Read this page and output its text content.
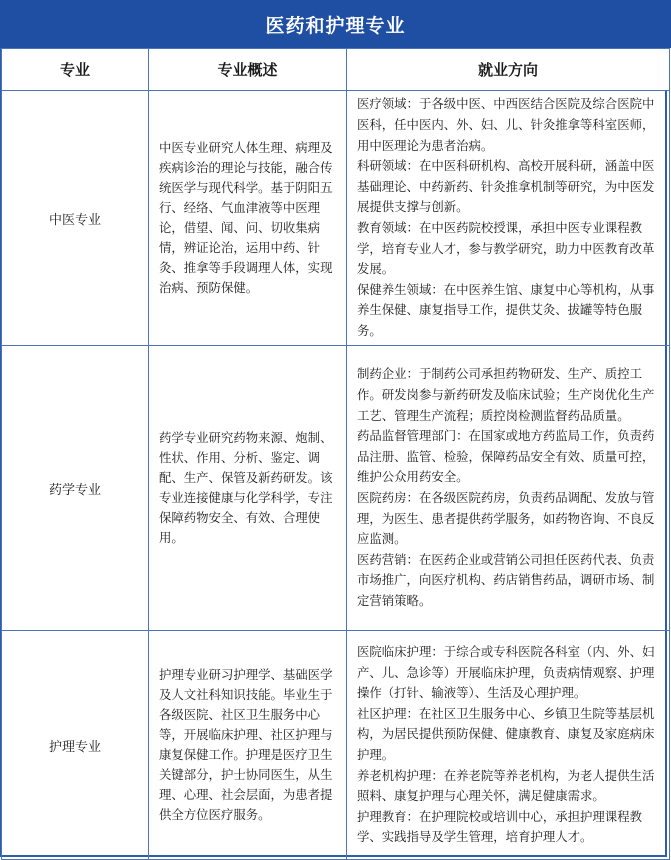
医药和护理专业
专业	专业概述	就业方向
中医专业	中医专业研究人体生理、病理及疾病诊治的理论与技能，融合传统医学与现代科学。基于阴阳五行、经络、气血津液等中医理论，借望、闻、问、切收集病情，辨证论治，运用中药、针灸、推拿等手段调理人体，实现治病、预防保健。	医疗领域：于各级中医、中西医结合医院及综合医院中医科，任中医内、外、妇、儿、针灸推拿等科室医师，用中医理论为患者治病。

科研领域：在中医科研机构、高校开展科研，涵盖中医基础理论、中药新药、针灸推拿机制等研究，为中医发展提供支撑与创新。

教育领域：在中医药院校授课，承担中医专业课程教学，培育专业人才，参与教学研究，助力中医教育改革发展。

保健养生领域：在中医养生馆、康复中心等机构，从事养生保健、康复指导工作，提供艾灸、拔罐等特色服务。

药学专业	药学专业研究药物来源、炮制、性状、作用、分析、鉴定、调配、生产、保管及新药研发。该专业连接健康与化学科学，专注保障药物安全、有效、合理使用。	制药企业：于制药公司承担药物研发、生产、质控工作。研发岗参与新药研发及临床试验；生产岗优化生产工艺、管理生产流程；质控岗检测监督药品质量。

药品监督管理部门：在国家或地方药监局工作，负责药品注册、监管、检验，保障药品安全有效、质量可控，维护公众用药安全。

医院药房：在各级医院药房，负责药品调配、发放与管理，为医生、患者提供药学服务，如药物咨询、不良反应监测。

医药营销：在医药企业或营销公司担任医药代表、负责市场推广，向医疗机构、药店销售药品，调研市场、制定营销策略。

护理专业	护理专业研习护理学、基础医学及人文社科知识技能。毕业生于各级医院、社区卫生服务中心等，开展临床护理、社区护理与康复保健工作。护理是医疗卫生关键部分，护士协同医生，从生理、心理、社会层面，为患者提供全方位医疗服务。	医院临床护理：于综合或专科医院各科室（内、外、妇产、儿、急诊等）开展临床护理，负责病情观察、护理操作（打针、输液等）、生活及心理护理。

社区护理：在社区卫生服务中心、乡镇卫生院等基层机构，为居民提供预防保健、健康教育、康复及家庭病床护理。

养老机构护理：在养老院等养老机构，为老人提供生活照料、康复护理与心理关怀，满足健康需求。

护理教育：在护理院校或培训中心，承担护理课程教学、实践指导及学生管理，培育护理人才。
